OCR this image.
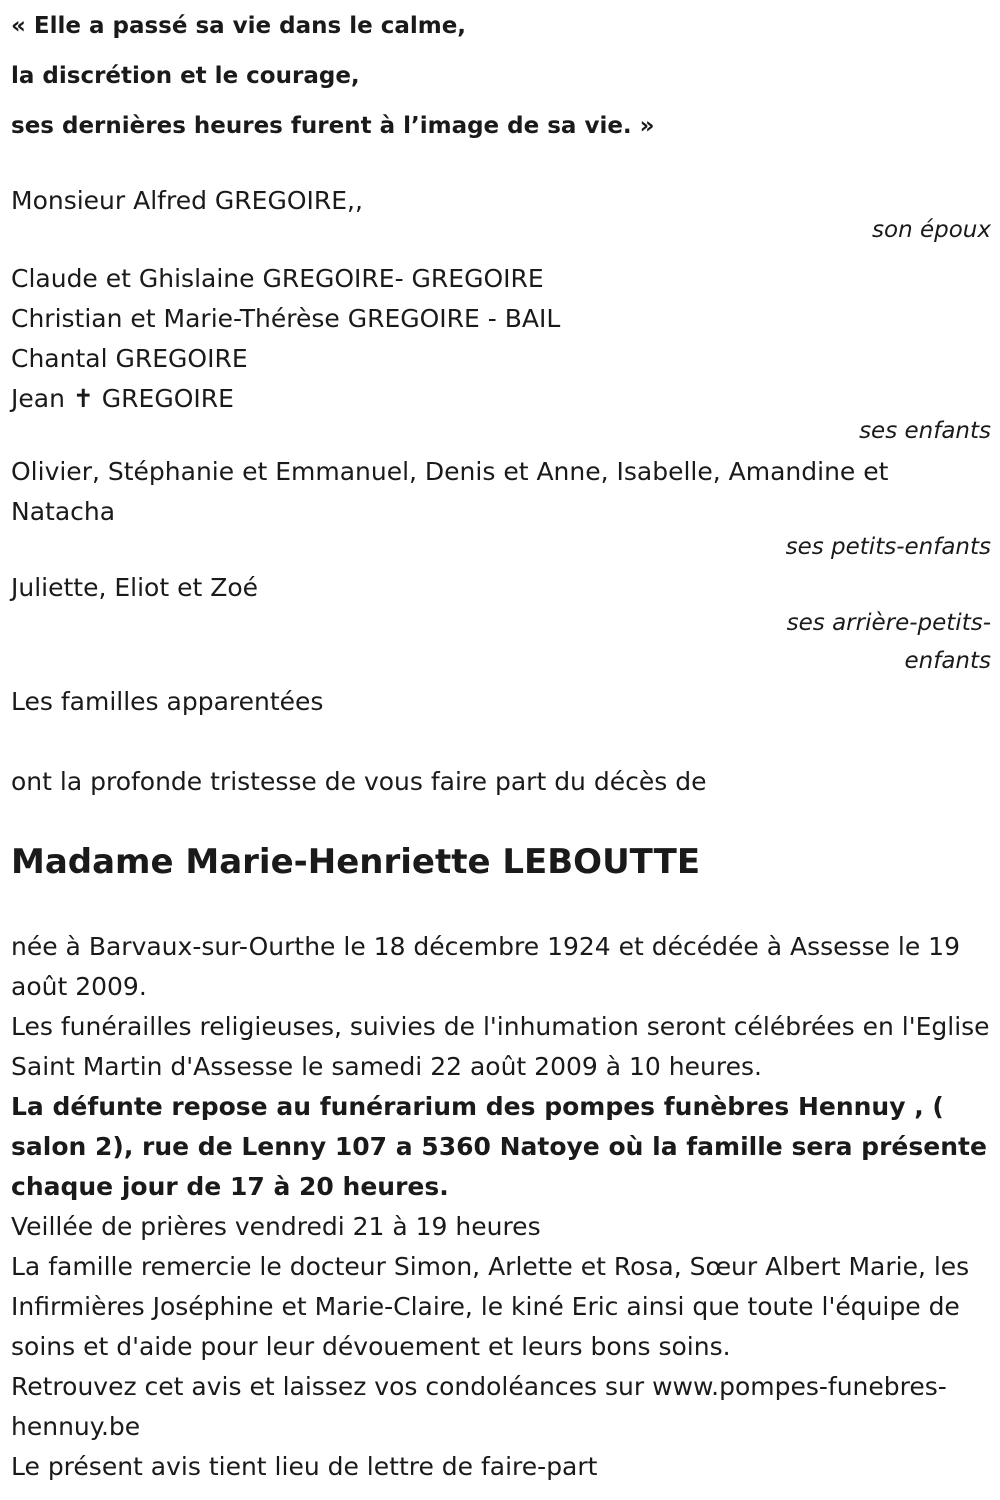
« Elle a passé sa vie dans le calme,
la discrétion et le courage,
ses dernières heures furent à l’image de sa vie. »
Monsieur Alfred GREGOIRE,,
son époux
Claude et Ghislaine GREGOIRE- GREGOIRE
Christian et Marie-Thérèse GREGOIRE - BAIL
Chantal GREGOIRE
Jean ✝ GREGOIRE
ses enfants
Olivier, Stéphanie et Emmanuel, Denis et Anne, Isabelle, Amandine et Natacha
ses petits-enfants
Juliette, Eliot et Zoé
ses arrière-petits-
enfants
Les familles apparentées
ont la profonde tristesse de vous faire part du décès de
Madame Marie-Henriette LEBOUTTE
née à Barvaux-sur-Ourthe le 18 décembre 1924 et décédée à Assesse le 19 août 2009.
Les funérailles religieuses, suivies de l'inhumation seront célébrées en l'Eglise Saint Martin d'Assesse le samedi 22 août 2009 à 10 heures.
La défunte repose au funérarium des pompes funèbres Hennuy , ( salon 2), rue de Lenny 107 a 5360 Natoye où la famille sera présente chaque jour de 17 à 20 heures.
Veillée de prières vendredi 21 à 19 heures
La famille remercie le docteur Simon, Arlette et Rosa, Sœur Albert Marie, les Infirmières Joséphine et Marie-Claire, le kiné Eric ainsi que toute l'équipe de soins et d'aide pour leur dévouement et leurs bons soins.
Retrouvez cet avis et laissez vos condoléances sur www.pompes-funebres-hennuy.be
Le présent avis tient lieu de lettre de faire-part
